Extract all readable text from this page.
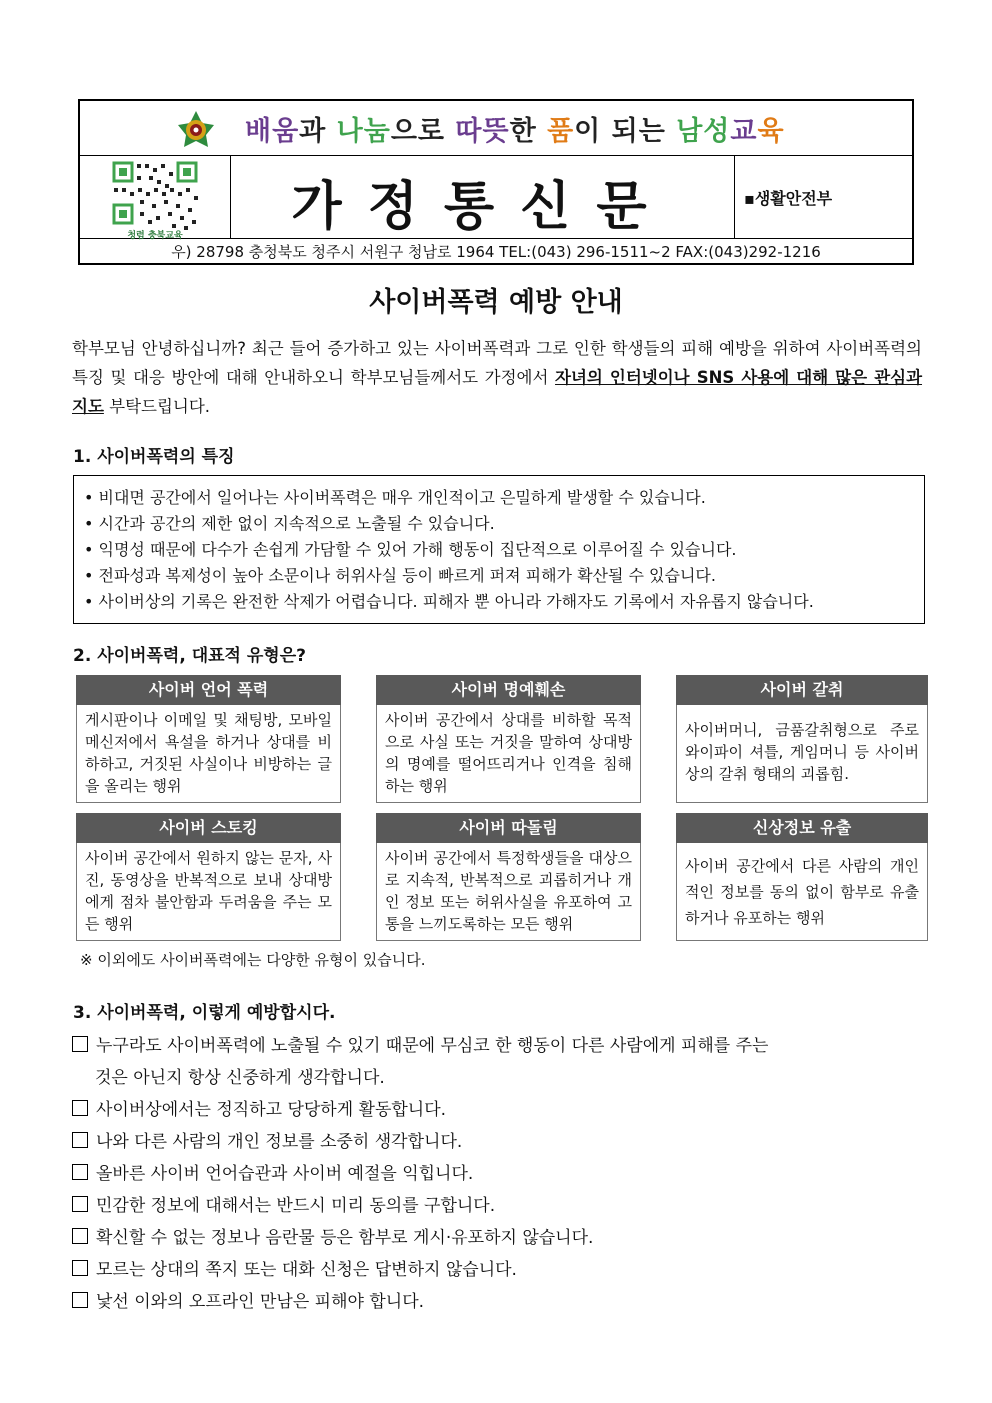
배움과 나눔으로 따뜻한 품이 되는 남성교육
청렴 충북교육	가정통신문	▪생활안전부
우) 28798 충청북도 청주시 서원구 청남로 1964 TEL:(043) 296-1511~2 FAX:(043)292-1216
사이버폭력 예방 안내
학부모님 안녕하십니까? 최근 들어 증가하고 있는 사이버폭력과 그로 인한 학생들의 피해 예방을 위하여 사이버폭력의 특징 및 대응 방안에 대해 안내하오니 학부모님들께서도 가정에서 자녀의 인터넷이나 SNS 사용에 대해 많은 관심과 지도 부탁드립니다.
1. 사이버폭력의 특징
• 비대면 공간에서 일어나는 사이버폭력은 매우 개인적이고 은밀하게 발생할 수 있습니다.
• 시간과 공간의 제한 없이 지속적으로 노출될 수 있습니다.
• 익명성 때문에 다수가 손쉽게 가담할 수 있어 가해 행동이 집단적으로 이루어질 수 있습니다.
• 전파성과 복제성이 높아 소문이나 허위사실 등이 빠르게 퍼져 피해가 확산될 수 있습니다.
• 사이버상의 기록은 완전한 삭제가 어렵습니다. 피해자 뿐 아니라 가해자도 기록에서 자유롭지 않습니다.
2. 사이버폭력, 대표적 유형은?
사이버 언어 폭력
게시판이나 이메일 및 채팅방, 모바일 메신저에서 욕설을 하거나 상대를 비하하고, 거짓된 사실이나 비방하는 글을 올리는 행위
사이버 명예훼손
사이버 공간에서 상대를 비하할 목적으로 사실 또는 거짓을 말하여 상대방의 명예를 떨어뜨리거나 인격을 침해하는 행위
사이버 갈취
사이버머니, 금품갈취형으로 주로 와이파이 셔틀, 게임머니 등 사이버상의 갈취 형태의 괴롭힘.
사이버 스토킹
사이버 공간에서 원하지 않는 문자, 사진, 동영상을 반복적으로 보내 상대방에게 점차 불안함과 두려움을 주는 모든 행위
사이버 따돌림
사이버 공간에서 특정학생들을 대상으로 지속적, 반복적으로 괴롭히거나 개인 정보 또는 허위사실을 유포하여 고통을 느끼도록하는 모든 행위
신상정보 유출
사이버 공간에서 다른 사람의 개인적인 정보를 동의 없이 함부로 유출하거나 유포하는 행위
※ 이외에도 사이버폭력에는 다양한 유형이 있습니다.
3. 사이버폭력, 이렇게 예방합시다.
누구라도 사이버폭력에 노출될 수 있기 때문에 무심코 한 행동이 다른 사람에게 피해를 주는
것은 아닌지 항상 신중하게 생각합니다.
사이버상에서는 정직하고 당당하게 활동합니다.
나와 다른 사람의 개인 정보를 소중히 생각합니다.
올바른 사이버 언어습관과 사이버 예절을 익힙니다.
민감한 정보에 대해서는 반드시 미리 동의를 구합니다.
확신할 수 없는 정보나 음란물 등은 함부로 게시·유포하지 않습니다.
모르는 상대의 쪽지 또는 대화 신청은 답변하지 않습니다.
낯선 이와의 오프라인 만남은 피해야 합니다.
